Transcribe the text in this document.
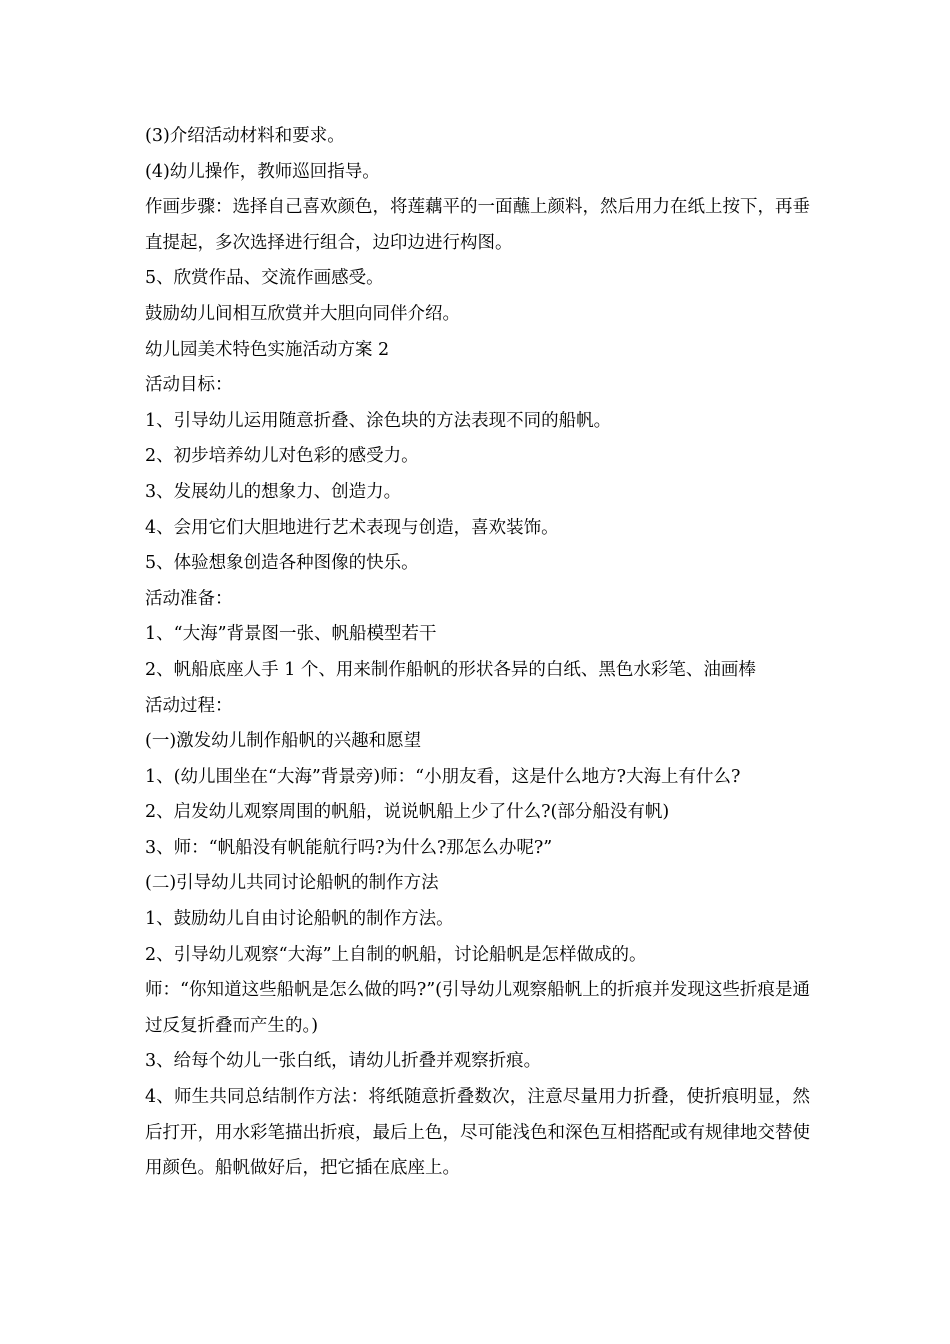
(3)介绍活动材料和要求。

(4)幼儿操作，教师巡回指导。

作画步骤：选择自己喜欢颜色，将莲藕平的一面蘸上颜料，然后用力在纸上按下，再垂直提起，多次选择进行组合，边印边进行构图。

5、欣赏作品、交流作画感受。

鼓励幼儿间相互欣赏并大胆向同伴介绍。

幼儿园美术特色实施活动方案 2

活动目标：

1、引导幼儿运用随意折叠、涂色块的方法表现不同的船帆。

2、初步培养幼儿对色彩的感受力。

3、发展幼儿的想象力、创造力。

4、会用它们大胆地进行艺术表现与创造，喜欢装饰。

5、体验想象创造各种图像的快乐。

活动准备：

1、“大海”背景图一张、帆船模型若干

2、帆船底座人手 1 个、用来制作船帆的形状各异的白纸、黑色水彩笔、油画棒

活动过程：

(一)激发幼儿制作船帆的兴趣和愿望

1、(幼儿围坐在“大海”背景旁)师：“小朋友看，这是什么地方?大海上有什么?

2、启发幼儿观察周围的帆船，说说帆船上少了什么?(部分船没有帆)

3、师：“帆船没有帆能航行吗?为什么?那怎么办呢?”

(二)引导幼儿共同讨论船帆的制作方法

1、鼓励幼儿自由讨论船帆的制作方法。

2、引导幼儿观察“大海”上自制的帆船，讨论船帆是怎样做成的。

师：“你知道这些船帆是怎么做的吗?”(引导幼儿观察船帆上的折痕并发现这些折痕是通过反复折叠而产生的。)

3、给每个幼儿一张白纸，请幼儿折叠并观察折痕。

4、师生共同总结制作方法：将纸随意折叠数次，注意尽量用力折叠，使折痕明显，然后打开，用水彩笔描出折痕，最后上色，尽可能浅色和深色互相搭配或有规律地交替使用颜色。船帆做好后，把它插在底座上。
